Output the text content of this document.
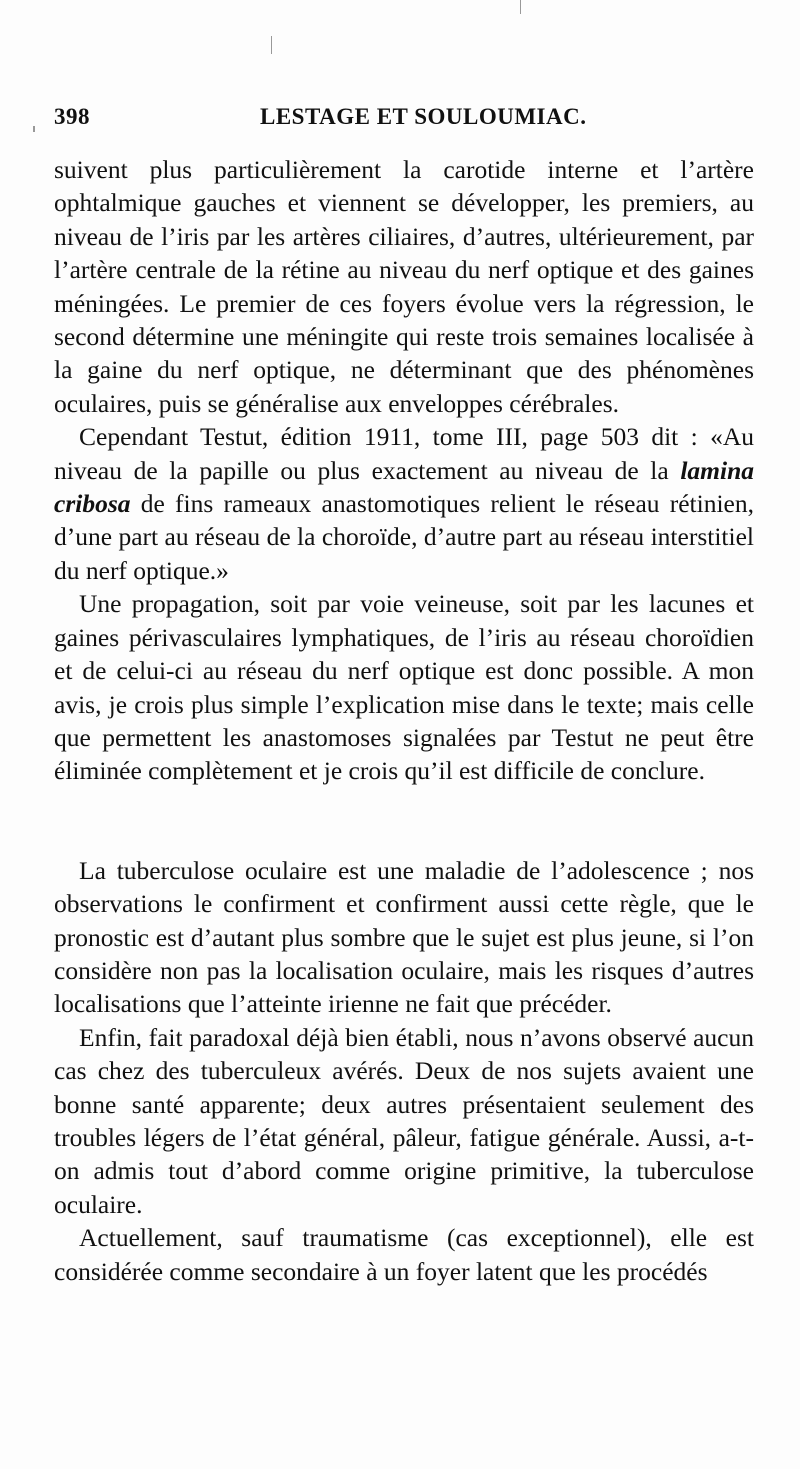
398	LESTAGE ET SOULOUMIAC.

suivent plus particulièrement la carotide interne et l’artère ophtalmique gauches et viennent se développer, les premiers, au niveau de l’iris par les artères ciliaires, d’autres, ultérieurement, par l’artère centrale de la rétine au niveau du nerf optique et des gaines méningées. Le premier de ces foyers évolue vers la régression, le second détermine une méningite qui reste trois semaines localisée à la gaine du nerf optique, ne déterminant que des phénomènes oculaires, puis se généralise aux enveloppes cérébrales.

Cependant Testut, édition 1911, tome III, page 503 dit : «Au niveau de la papille ou plus exactement au niveau de la lamina cribosa de fins rameaux anastomotiques relient le réseau rétinien, d’une part au réseau de la choroïde, d’autre part au réseau interstitiel du nerf optique.»

Une propagation, soit par voie veineuse, soit par les lacunes et gaines périvasculaires lymphatiques, de l’iris au réseau choroïdien et de celui-ci au réseau du nerf optique est donc possible. A mon avis, je crois plus simple l’explication mise dans le texte; mais celle que permettent les anastomoses signalées par Testut ne peut être éliminée complètement et je crois qu’il est difficile de conclure.

La tuberculose oculaire est une maladie de l’adolescence ; nos observations le confirment et confirment aussi cette règle, que le pronostic est d’autant plus sombre que le sujet est plus jeune, si l’on considère non pas la localisation oculaire, mais les risques d’autres localisations que l’atteinte irienne ne fait que précéder.

Enfin, fait paradoxal déjà bien établi, nous n’avons observé aucun cas chez des tuberculeux avérés. Deux de nos sujets avaient une bonne santé apparente; deux autres présentaient seulement des troubles légers de l’état général, pâleur, fatigue générale. Aussi, a-t-on admis tout d’abord comme origine primitive, la tuberculose oculaire.

Actuellement, sauf traumatisme (cas exceptionnel), elle est considérée comme secondaire à un foyer latent que les procédés
